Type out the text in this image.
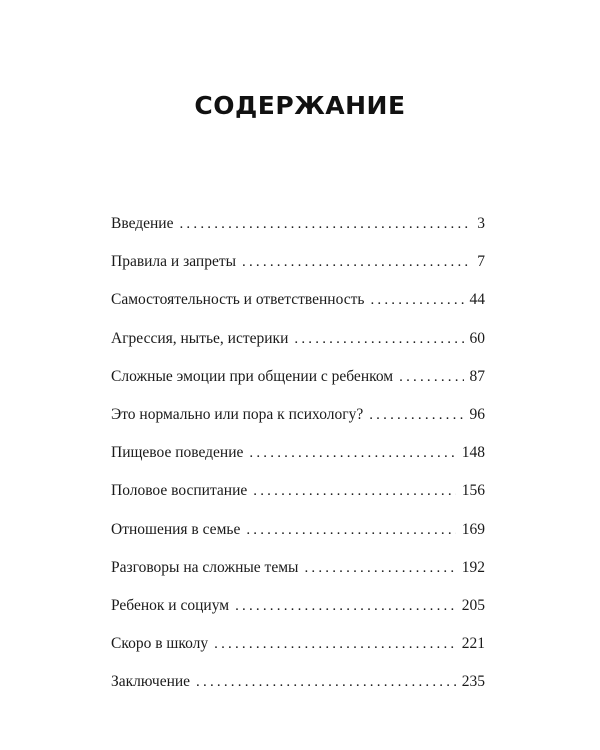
СОДЕРЖАНИЕ
Введение .....	3
Правила и запреты .....	7
Самостоятельность и ответственность .....	44
Агрессия, нытье, истерики .....	60
Сложные эмоции при общении с ребенком .....	87
Это нормально или пора к психологу? .....	96
Пищевое поведение .....	148
Половое воспитание .....	156
Отношения в семье .....	169
Разговоры на сложные темы .....	192
Ребенок и социум .....	205
Скоро в школу .....	221
Заключение .....	235
